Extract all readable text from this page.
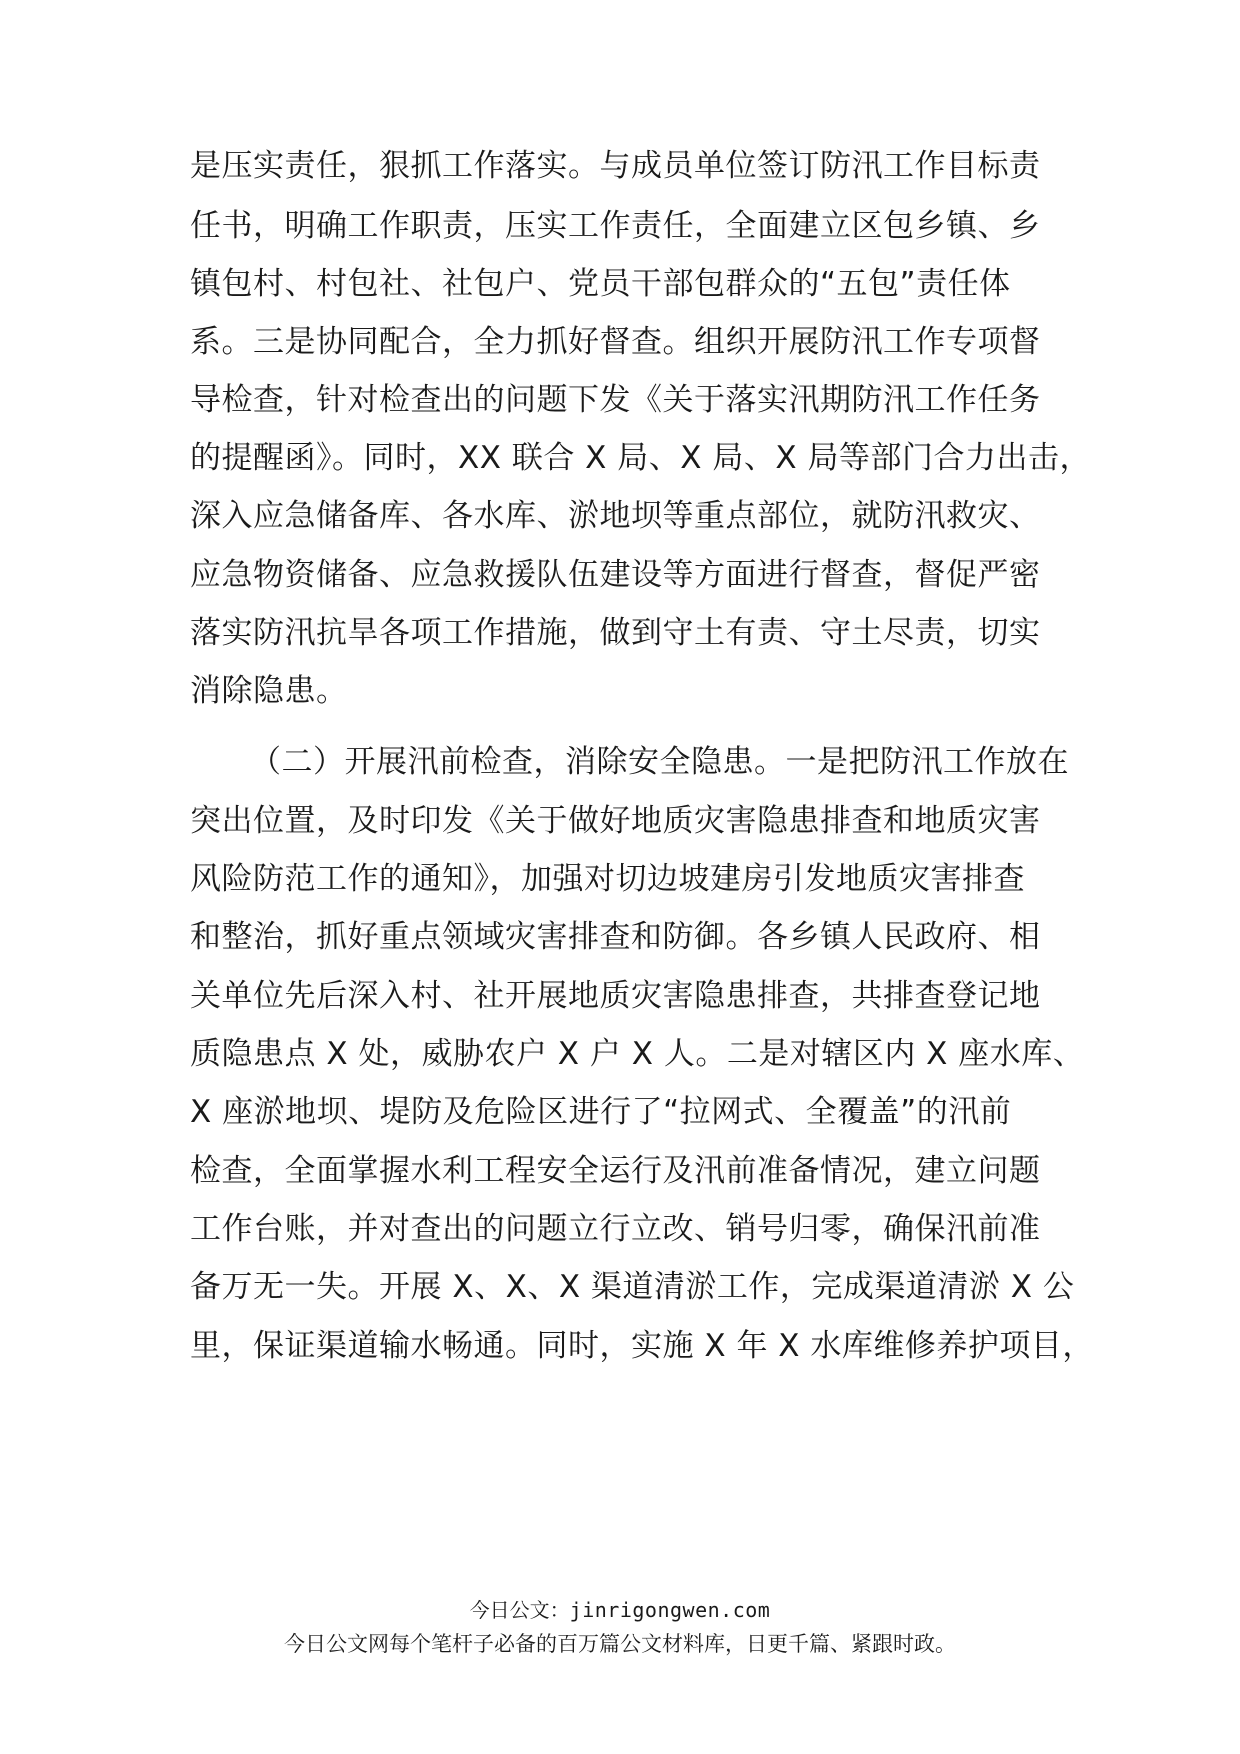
是压实责任，狠抓工作落实。与成员单位签订防汛工作目标责
任书，明确工作职责，压实工作责任，全面建立区包乡镇、乡
镇包村、村包社、社包户、党员干部包群众的“五包”责任体
系。三是协同配合，全力抓好督查。组织开展防汛工作专项督
导检查，针对检查出的问题下发《关于落实汛期防汛工作任务
的提醒函》。同时，XX 联合 X 局、X 局、X 局等部门合力出击，
深入应急储备库、各水库、淤地坝等重点部位，就防汛救灾、
应急物资储备、应急救援队伍建设等方面进行督查，督促严密
落实防汛抗旱各项工作措施，做到守土有责、守土尽责，切实
消除隐患。
（二）开展汛前检查，消除安全隐患。一是把防汛工作放在
突出位置，及时印发《关于做好地质灾害隐患排查和地质灾害
风险防范工作的通知》，加强对切边坡建房引发地质灾害排查
和整治，抓好重点领域灾害排查和防御。各乡镇人民政府、相
关单位先后深入村、社开展地质灾害隐患排查，共排查登记地
质隐患点 X 处，威胁农户 X 户 X 人。二是对辖区内 X 座水库、
X 座淤地坝、堤防及危险区进行了“拉网式、全覆盖”的汛前
检查，全面掌握水利工程安全运行及汛前准备情况，建立问题
工作台账，并对查出的问题立行立改、销号归零，确保汛前准
备万无一失。开展 X、X、X 渠道清淤工作，完成渠道清淤 X 公
里，保证渠道输水畅通。同时，实施 X 年 X 水库维修养护项目，
今日公文：jinrigongwen.com
今日公文网每个笔杆子必备的百万篇公文材料库，日更千篇、紧跟时政。
